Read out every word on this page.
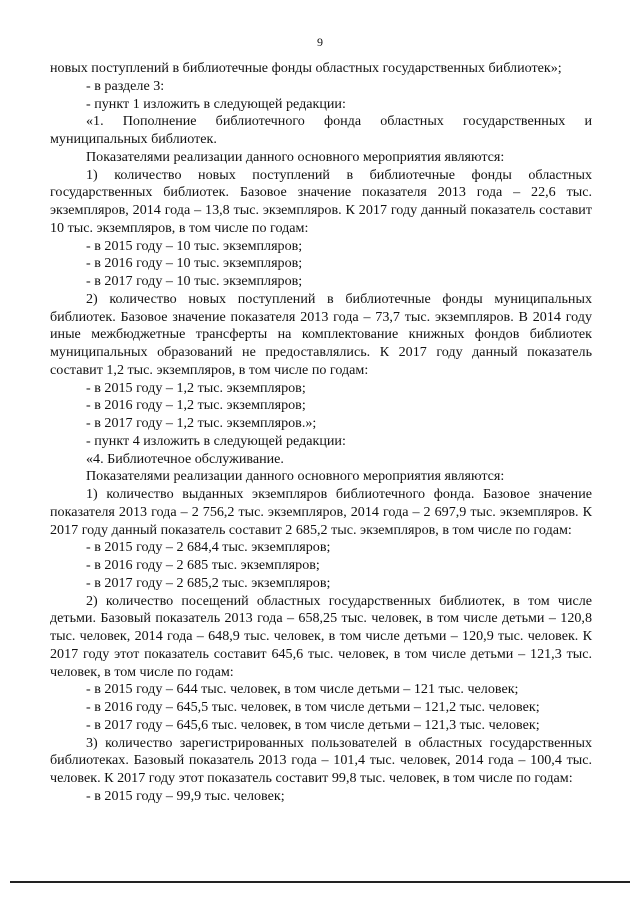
9

новых поступлений в библиотечные фонды областных государственных библиотек»;

- в разделе 3:

- пункт 1 изложить в следующей редакции:

«1. Пополнение библиотечного фонда областных государственных и муниципальных библиотек.

Показателями реализации данного основного мероприятия являются:

1) количество новых поступлений в библиотечные фонды областных государственных библиотек. Базовое значение показателя 2013 года – 22,6 тыс. экземпляров, 2014 года – 13,8 тыс. экземпляров. К 2017 году данный показатель составит 10 тыс. экземпляров, в том числе по годам:

- в 2015 году – 10 тыс. экземпляров;

- в 2016 году – 10 тыс. экземпляров;

- в 2017 году – 10 тыс. экземпляров;

2) количество новых поступлений в библиотечные фонды муниципальных библиотек. Базовое значение показателя 2013 года – 73,7 тыс. экземпляров. В 2014 году иные межбюджетные трансферты на комплектование книжных фондов библиотек муниципальных образований не предоставлялись. К 2017 году данный показатель составит 1,2 тыс. экземпляров, в том числе по годам:

- в 2015 году – 1,2 тыс. экземпляров;

- в 2016 году – 1,2 тыс. экземпляров;

- в 2017 году – 1,2 тыс. экземпляров.»;

- пункт 4 изложить в следующей редакции:

«4. Библиотечное обслуживание.

Показателями реализации данного основного мероприятия являются:

1) количество выданных экземпляров библиотечного фонда. Базовое значение показателя 2013 года – 2 756,2 тыс. экземпляров, 2014 года – 2 697,9 тыс. экземпляров. К 2017 году данный показатель составит 2 685,2 тыс. экземпляров, в том числе по годам:

- в 2015 году – 2 684,4 тыс. экземпляров;

- в 2016 году – 2 685 тыс. экземпляров;

- в 2017 году – 2 685,2 тыс. экземпляров;

2) количество посещений областных государственных библиотек, в том числе детьми. Базовый показатель 2013 года – 658,25 тыс. человек, в том числе детьми – 120,8 тыс. человек, 2014 года – 648,9 тыс. человек, в том числе детьми – 120,9 тыс. человек. К 2017 году этот показатель составит 645,6 тыс. человек, в том числе детьми – 121,3 тыс. человек, в том числе по годам:

- в 2015 году – 644 тыс. человек, в том числе детьми – 121 тыс. человек;

- в 2016 году – 645,5 тыс. человек, в том числе детьми – 121,2 тыс. человек;

- в 2017 году – 645,6 тыс. человек, в том числе детьми – 121,3 тыс. человек;

3) количество зарегистрированных пользователей в областных государственных библиотеках. Базовый показатель 2013 года – 101,4 тыс. человек, 2014 года – 100,4 тыс. человек. К 2017 году этот показатель составит 99,8 тыс. человек, в том числе по годам:

- в 2015 году – 99,9 тыс. человек;
